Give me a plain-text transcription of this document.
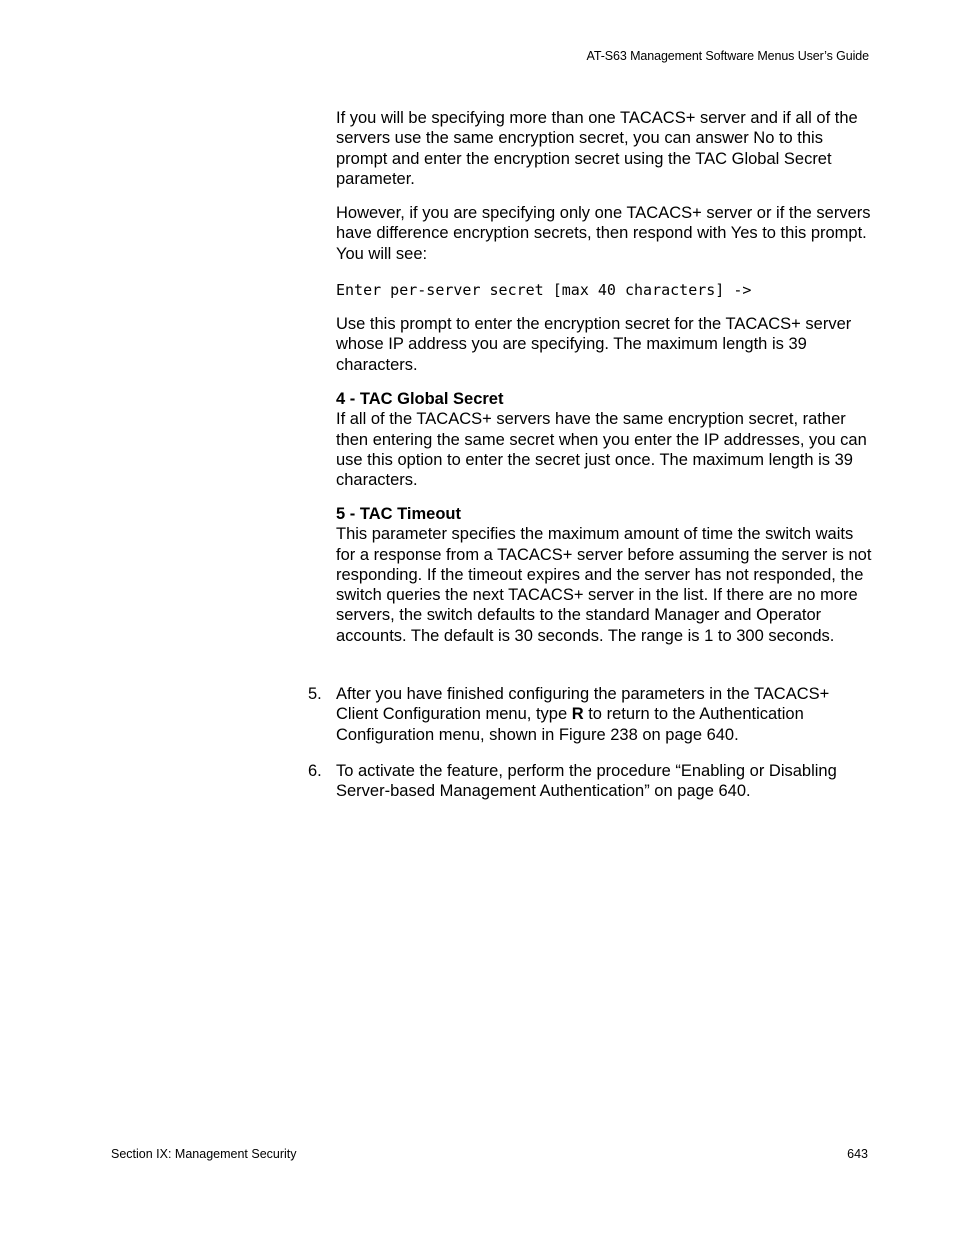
AT-S63 Management Software Menus User’s Guide

If you will be specifying more than one TACACS+ server and if all of the servers use the same encryption secret, you can answer No to this prompt and enter the encryption secret using the TAC Global Secret parameter.

However, if you are specifying only one TACACS+ server or if the servers have difference encryption secrets, then respond with Yes to this prompt. You will see:

Enter per-server secret [max 40 characters] ->

Use this prompt to enter the encryption secret for the TACACS+ server whose IP address you are specifying. The maximum length is 39 characters.

4 - TAC Global Secret

If all of the TACACS+ servers have the same encryption secret, rather then entering the same secret when you enter the IP addresses, you can use this option to enter the secret just once. The maximum length is 39 characters.

5 - TAC Timeout

This parameter specifies the maximum amount of time the switch waits for a response from a TACACS+ server before assuming the server is not responding. If the timeout expires and the server has not responded, the switch queries the next TACACS+ server in the list. If there are no more servers, the switch defaults to the standard Manager and Operator accounts. The default is 30 seconds. The range is 1 to 300 seconds.

5. After you have finished configuring the parameters in the TACACS+ Client Configuration menu, type R to return to the Authentication Configuration menu, shown in Figure 238 on page 640.
6. To activate the feature, perform the procedure “Enabling or Disabling Server-based Management Authentication” on page 640.
Section IX: Management Security	643
